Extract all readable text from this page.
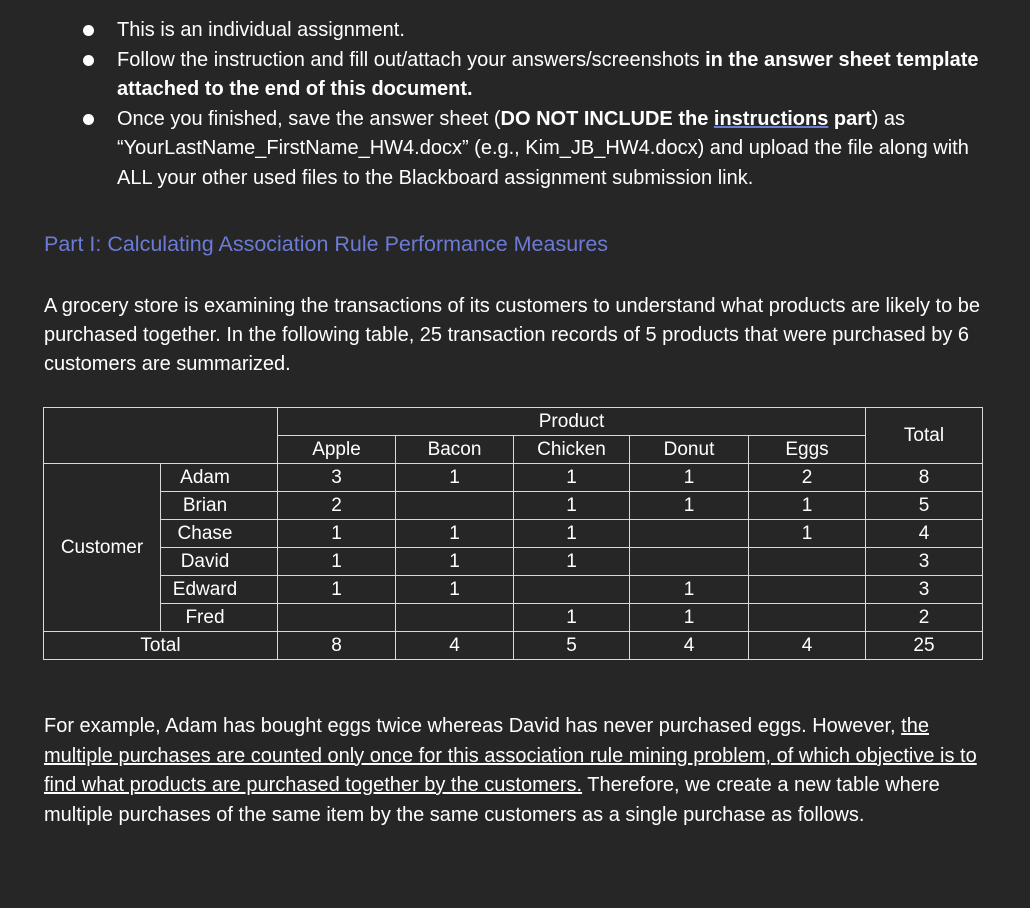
This is an individual assignment.
Follow the instruction and fill out/attach your answers/screenshots in the answer sheet template attached to the end of this document.
Once you finished, save the answer sheet (DO NOT INCLUDE the instructions part) as “YourLastName_FirstName_HW4.docx” (e.g., Kim_JB_HW4.docx) and upload the file along with ALL your other used files to the Blackboard assignment submission link.
Part I: Calculating Association Rule Performance Measures
A grocery store is examining the transactions of its customers to understand what products are likely to be purchased together. In the following table, 25 transaction records of 5 products that were purchased by 6 customers are summarized.
		Product					Total
		Apple	Bacon	Chicken	Donut	Eggs	
Customer	Adam	3	1	1	1	2	8
	Brian	2		1	1	1	5
	Chase	1	1	1		1	4
	David	1	1	1			3
	Edward	1	1		1		3
	Fred			1	1		2
Total		8	4	5	4	4	25
For example, Adam has bought eggs twice whereas David has never purchased eggs. However, the multiple purchases are counted only once for this association rule mining problem, of which objective is to find what products are purchased together by the customers. Therefore, we create a new table where multiple purchases of the same item by the same customers as a single purchase as follows.
